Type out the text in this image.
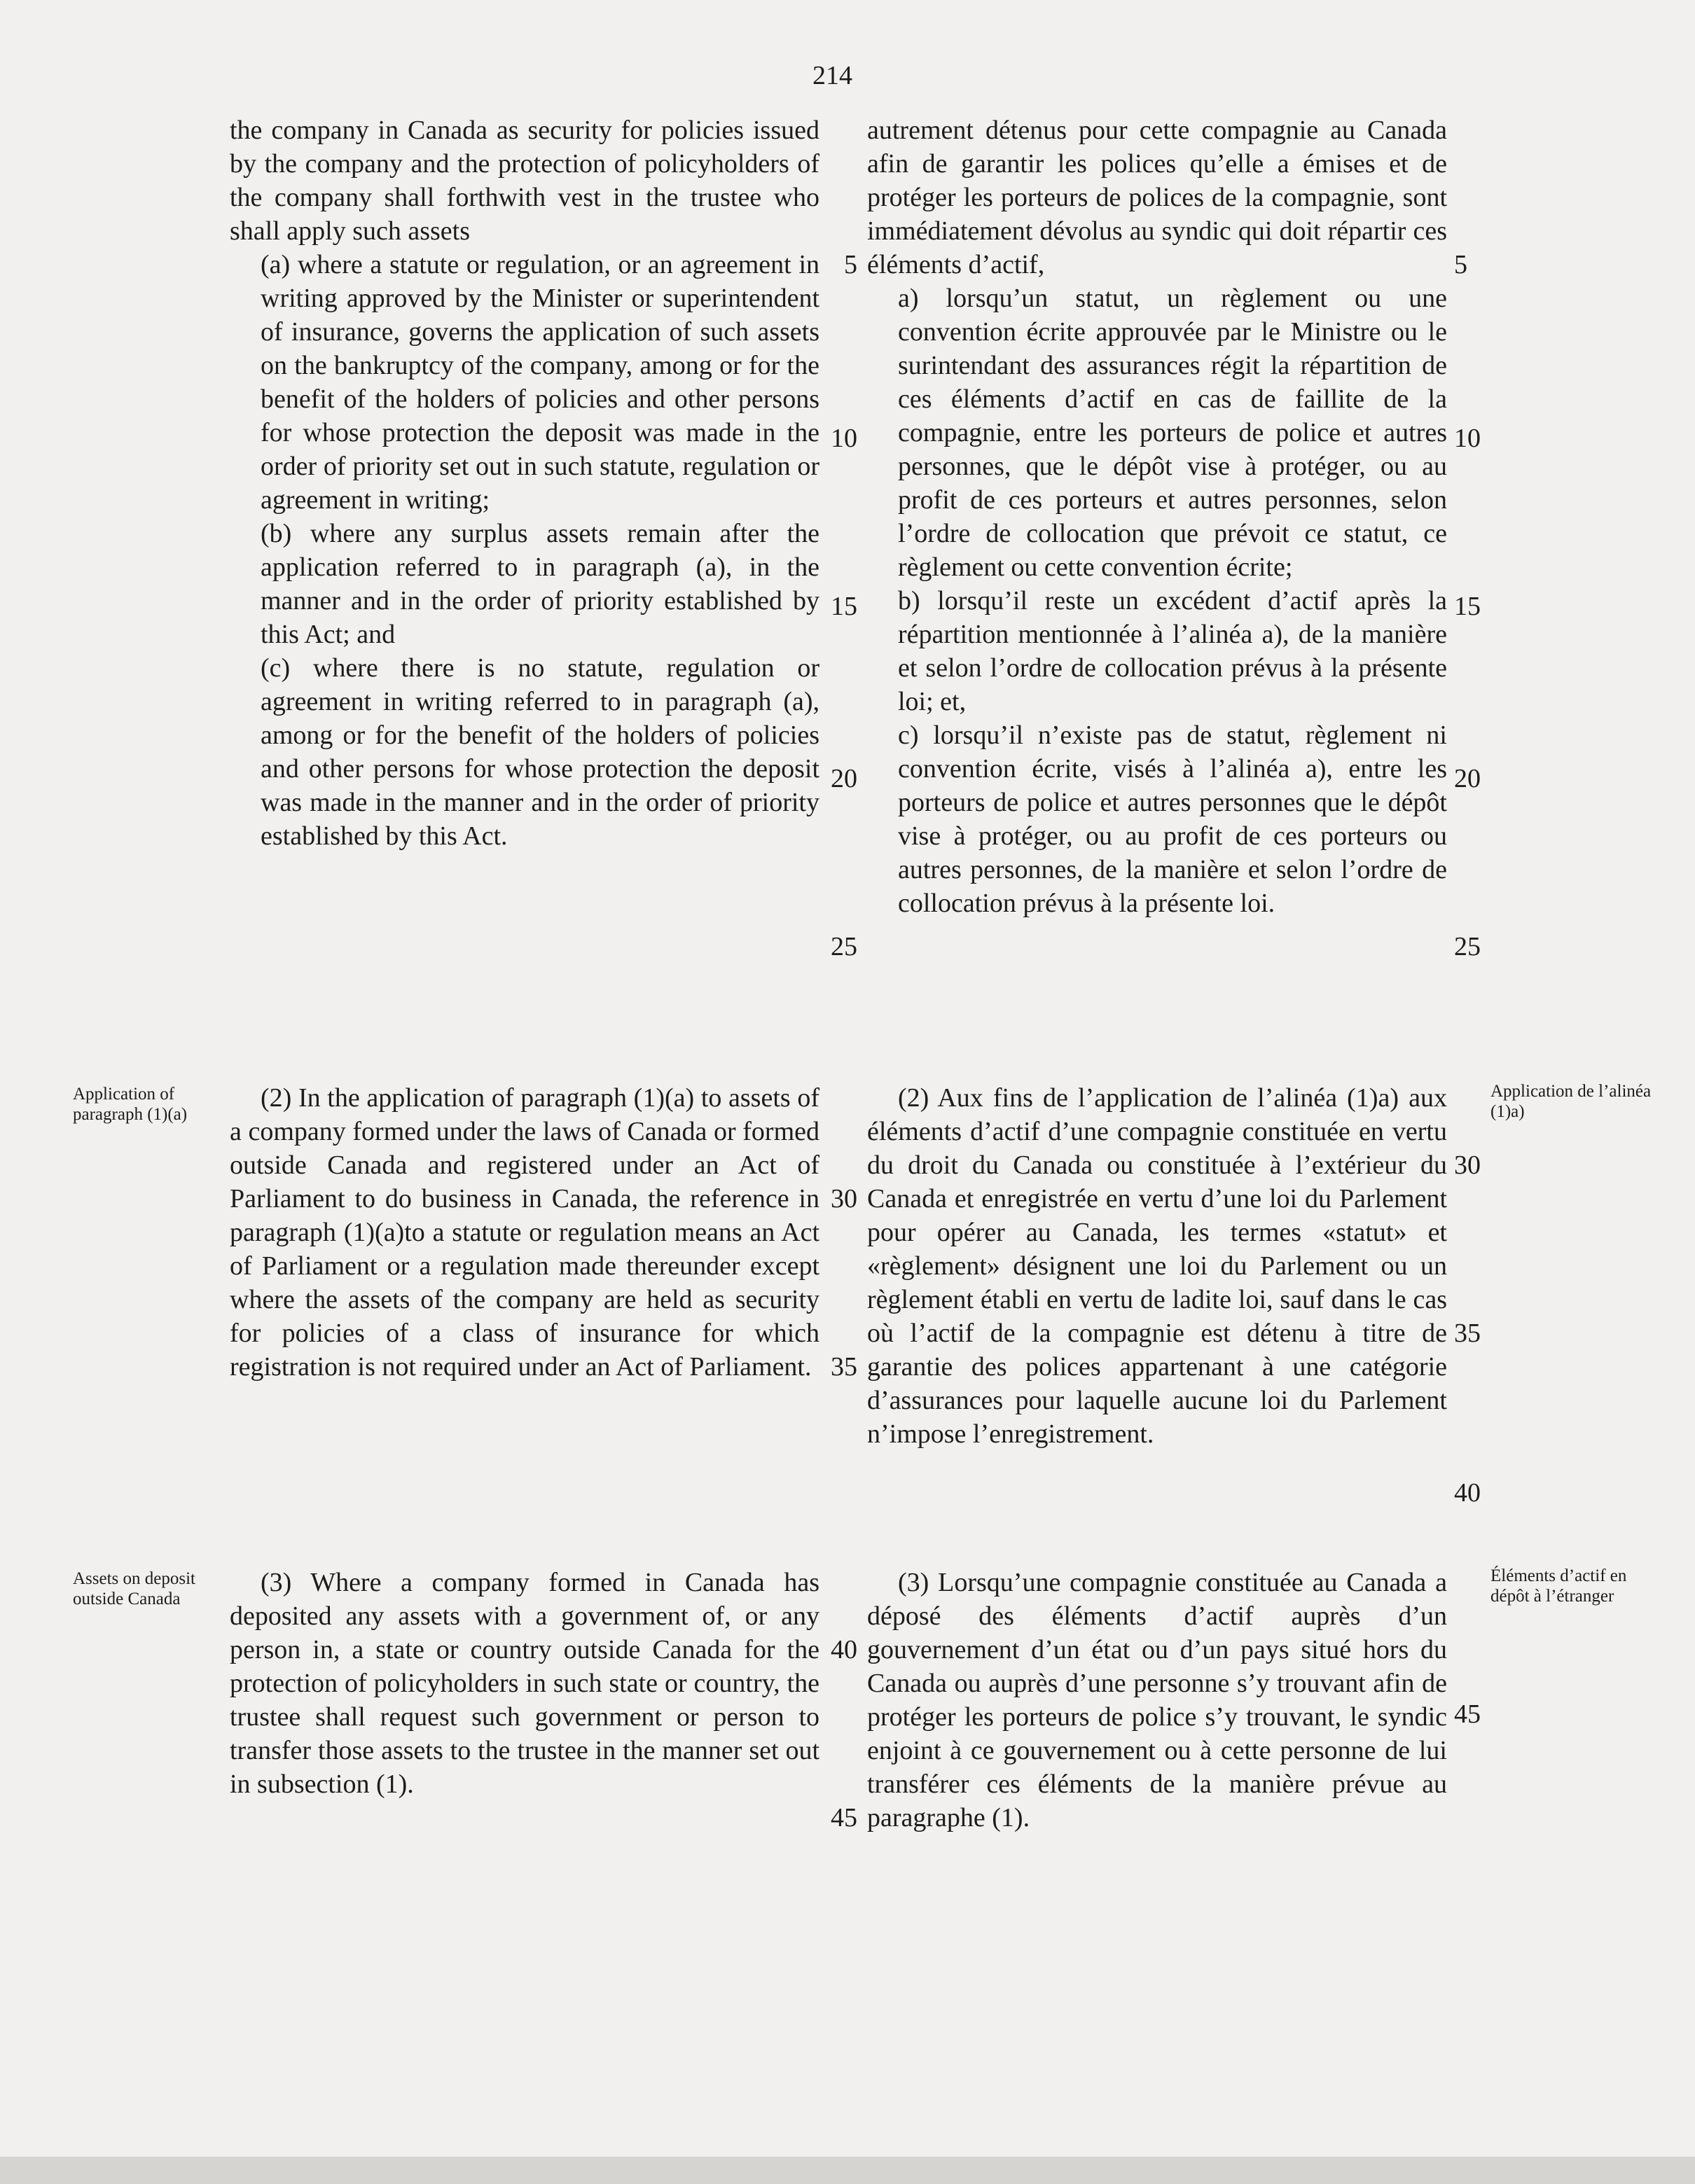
214

the company in Canada as security for policies issued by the company and the protection of policyholders of the company shall forthwith vest in the trustee who shall apply such assets

(a) where a statute or regulation, or an agreement in writing approved by the Minister or superintendent of insurance, governs the application of such assets on the bankruptcy of the company, among or for the benefit of the holders of policies and other persons for whose protection the deposit was made in the order of priority set out in such statute, regulation or agreement in writing;

(b) where any surplus assets remain after the application referred to in paragraph (a), in the manner and in the order of priority established by this Act; and

(c) where there is no statute, regulation or agreement in writing referred to in paragraph (a), among or for the benefit of the holders of policies and other persons for whose protection the deposit was made in the manner and in the order of priority established by this Act.

(2) In the application of paragraph (1)(a) to assets of a company formed under the laws of Canada or formed outside Canada and registered under an Act of Parliament to do business in Canada, the reference in paragraph (1)(a)to a statute or regulation means an Act of Parliament or a regulation made thereunder except where the assets of the company are held as security for policies of a class of insurance for which registration is not required under an Act of Parliament.

(3) Where a company formed in Canada has deposited any assets with a government of, or any person in, a state or country outside Canada for the protection of policyholders in such state or country, the trustee shall request such government or person to transfer those assets to the trustee in the manner set out in subsection (1).

autrement détenus pour cette compagnie au Canada afin de garantir les polices qu’elle a émises et de protéger les porteurs de polices de la compagnie, sont immédiatement dévolus au syndic qui doit répartir ces éléments d’actif,

a) lorsqu’un statut, un règlement ou une convention écrite approuvée par le Ministre ou le surintendant des assurances régit la répartition de ces éléments d’actif en cas de faillite de la compagnie, entre les porteurs de police et autres personnes, que le dépôt vise à protéger, ou au profit de ces porteurs et autres personnes, selon l’ordre de collocation que prévoit ce statut, ce règlement ou cette convention écrite;

b) lorsqu’il reste un excédent d’actif après la répartition mentionnée à l’alinéa a), de la manière et selon l’ordre de collocation prévus à la présente loi; et,

c) lorsqu’il n’existe pas de statut, règlement ni convention écrite, visés à l’alinéa a), entre les porteurs de police et autres personnes que le dépôt vise à protéger, ou au profit de ces porteurs ou autres personnes, de la manière et selon l’ordre de collocation prévus à la présente loi.

(2) Aux fins de l’application de l’alinéa (1)a) aux éléments d’actif d’une compagnie constituée en vertu du droit du Canada ou constituée à l’extérieur du Canada et enregistrée en vertu d’une loi du Parlement pour opérer au Canada, les termes «statut» et «règlement» désignent une loi du Parlement ou un règlement établi en vertu de ladite loi, sauf dans le cas où l’actif de la compagnie est détenu à titre de garantie des polices appartenant à une catégorie d’assurances pour laquelle aucune loi du Parlement n’impose l’enregistrement.

(3) Lorsqu’une compagnie constituée au Canada a déposé des éléments d’actif auprès d’un gouvernement d’un état ou d’un pays situé hors du Canada ou auprès d’une personne s’y trouvant afin de protéger les porteurs de police s’y trouvant, le syndic enjoint à ce gouvernement ou à cette personne de lui transférer ces éléments de la manière prévue au paragraphe (1).

Application of paragraph (1)(a)
Assets on deposit outside Canada
Application de l’alinéa (1)a)
Éléments d’actif en dépôt à l’étranger
5
10
15
20
25
30
35
40
45
5
10
15
20
25
30
35
40
45
